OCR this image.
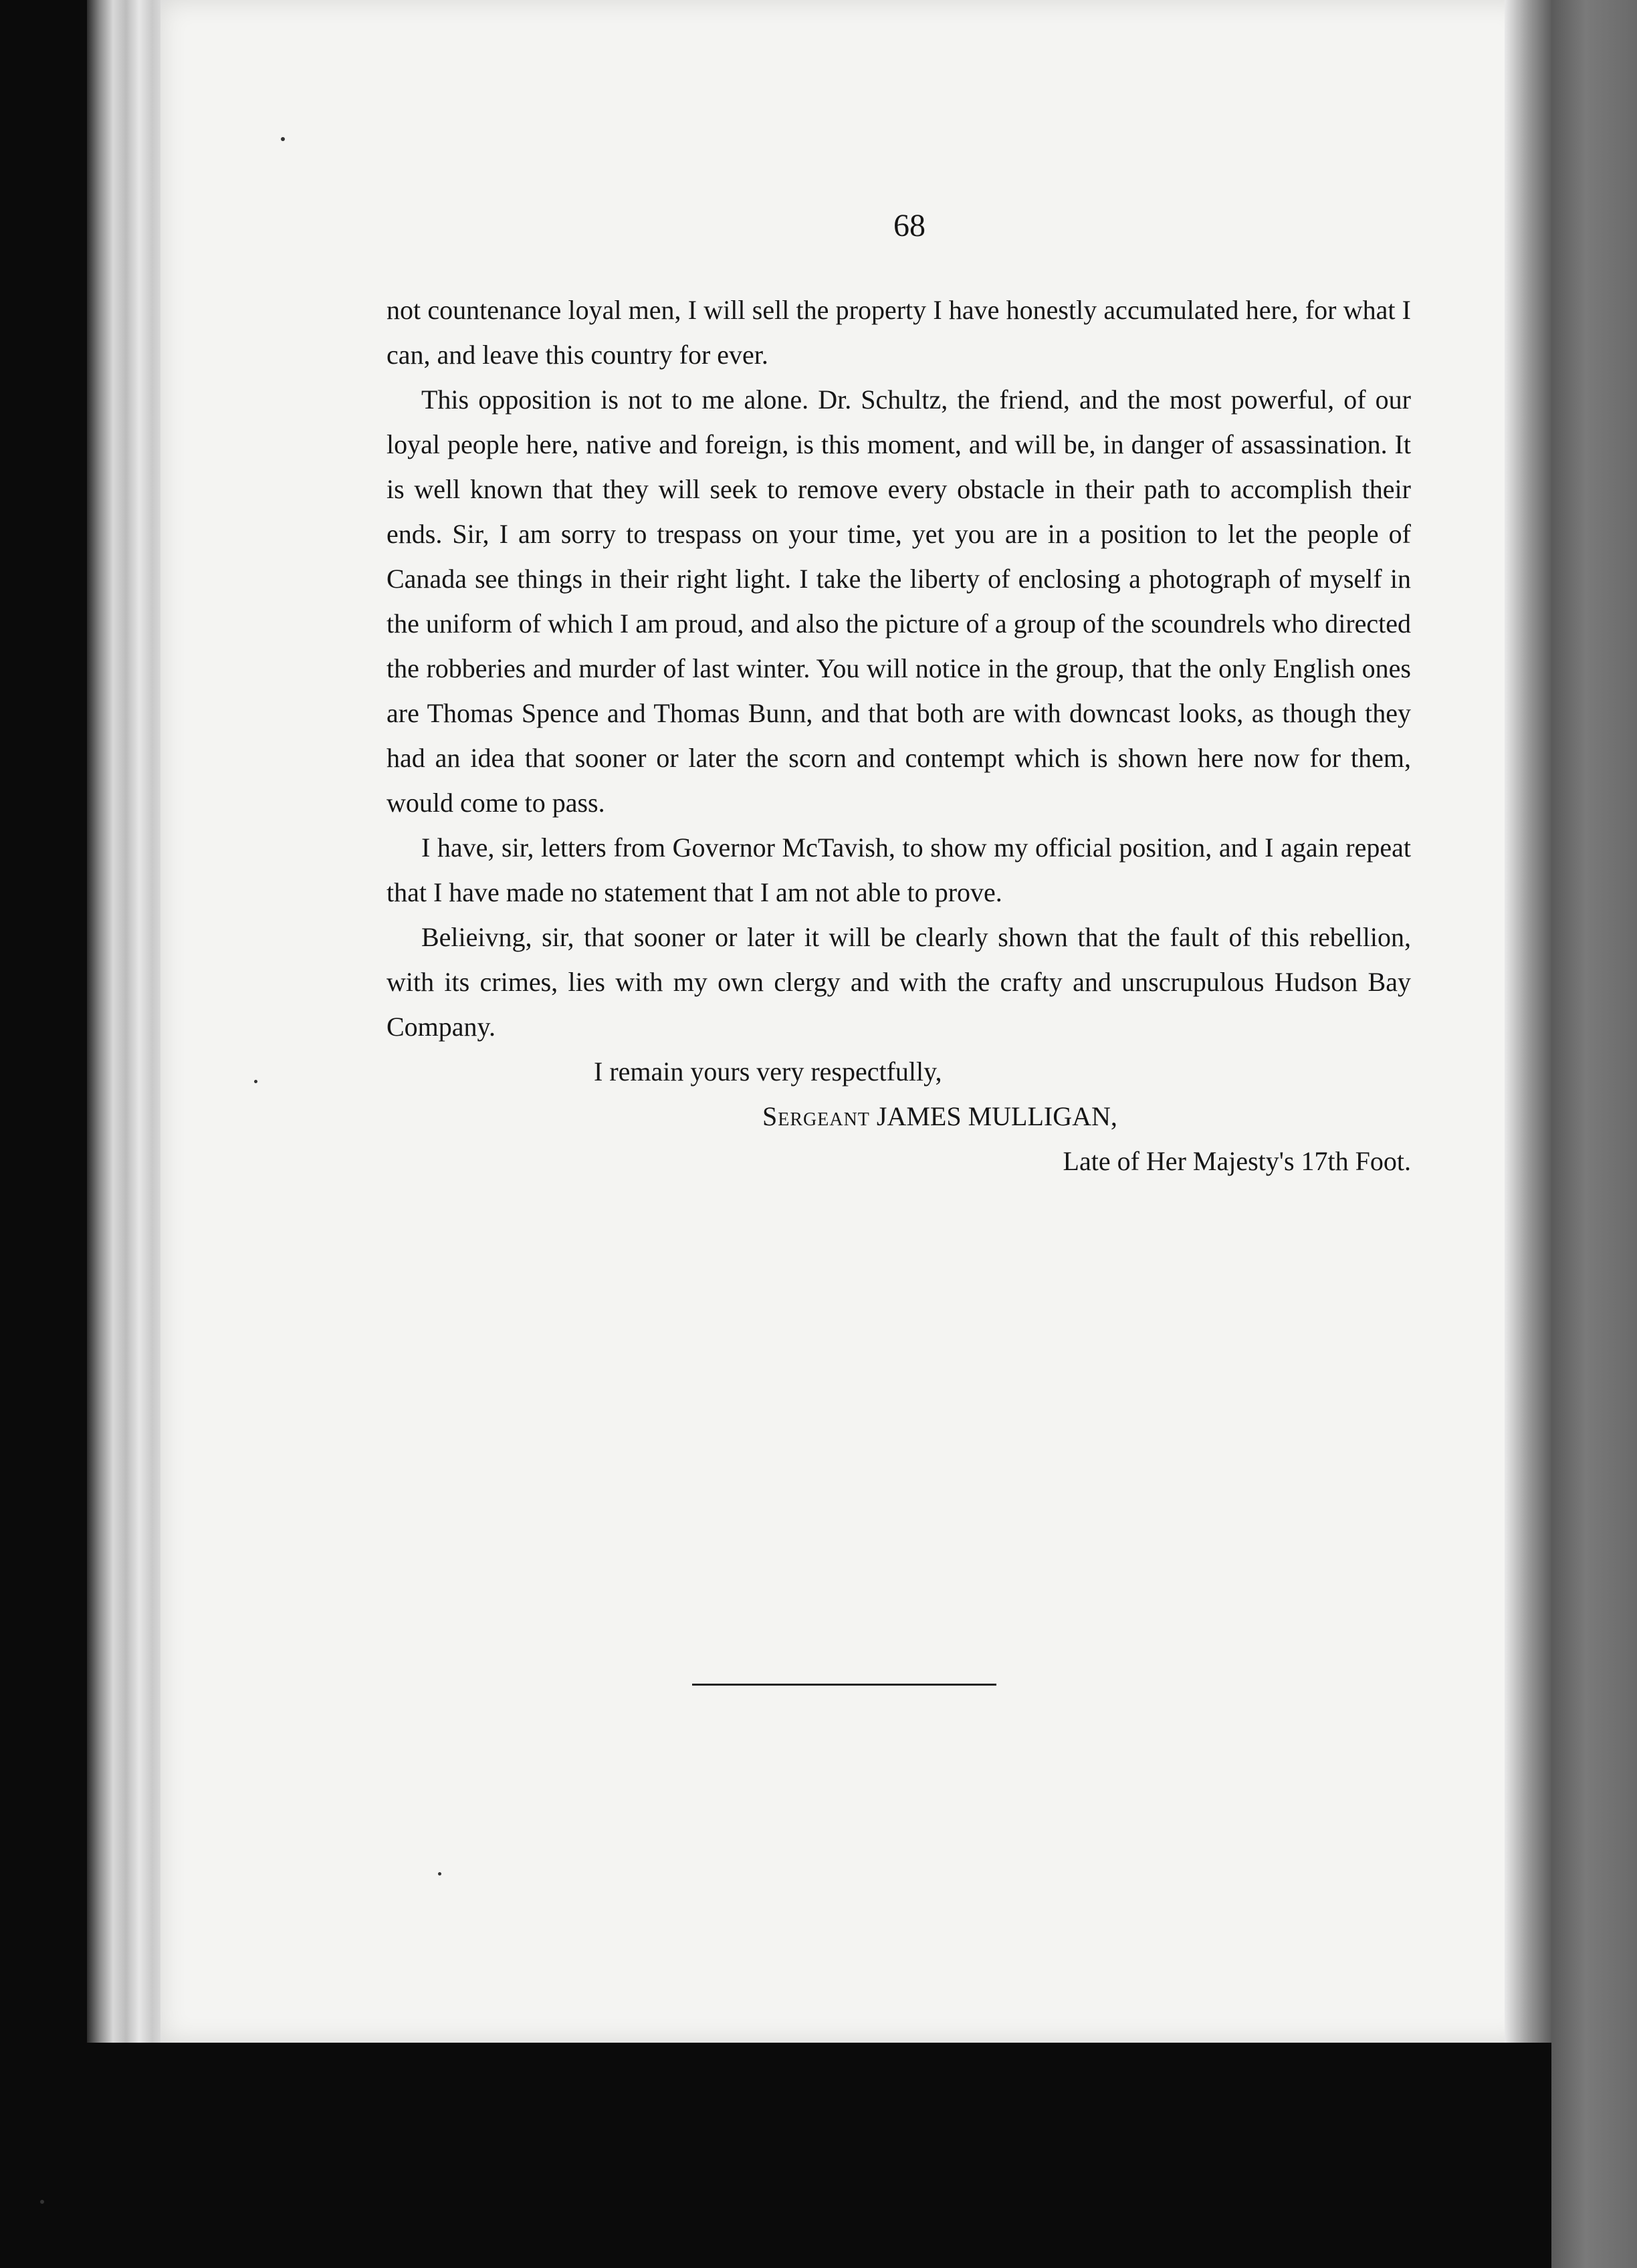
68

not countenance loyal men, I will sell the property I have honestly accumulated here, for what I can, and leave this country for ever.

This opposition is not to me alone. Dr. Schultz, the friend, and the most powerful, of our loyal people here, native and foreign, is this moment, and will be, in danger of assassination. It is well known that they will seek to remove every obstacle in their path to accomplish their ends. Sir, I am sorry to trespass on your time, yet you are in a position to let the people of Canada see things in their right light. I take the liberty of enclosing a photograph of myself in the uniform of which I am proud, and also the picture of a group of the scoundrels who directed the robberies and murder of last winter. You will notice in the group, that the only English ones are Thomas Spence and Thomas Bunn, and that both are with downcast looks, as though they had an idea that sooner or later the scorn and contempt which is shown here now for them, would come to pass.

I have, sir, letters from Governor McTavish, to show my official position, and I again repeat that I have made no statement that I am not able to prove.

Belieivng, sir, that sooner or later it will be clearly shown that the fault of this rebellion, with its crimes, lies with my own clergy and with the crafty and unscrupulous Hudson Bay Company.

I remain yours very respectfully,
Sergeant JAMES MULLIGAN,
Late of Her Majesty's 17th Foot.
